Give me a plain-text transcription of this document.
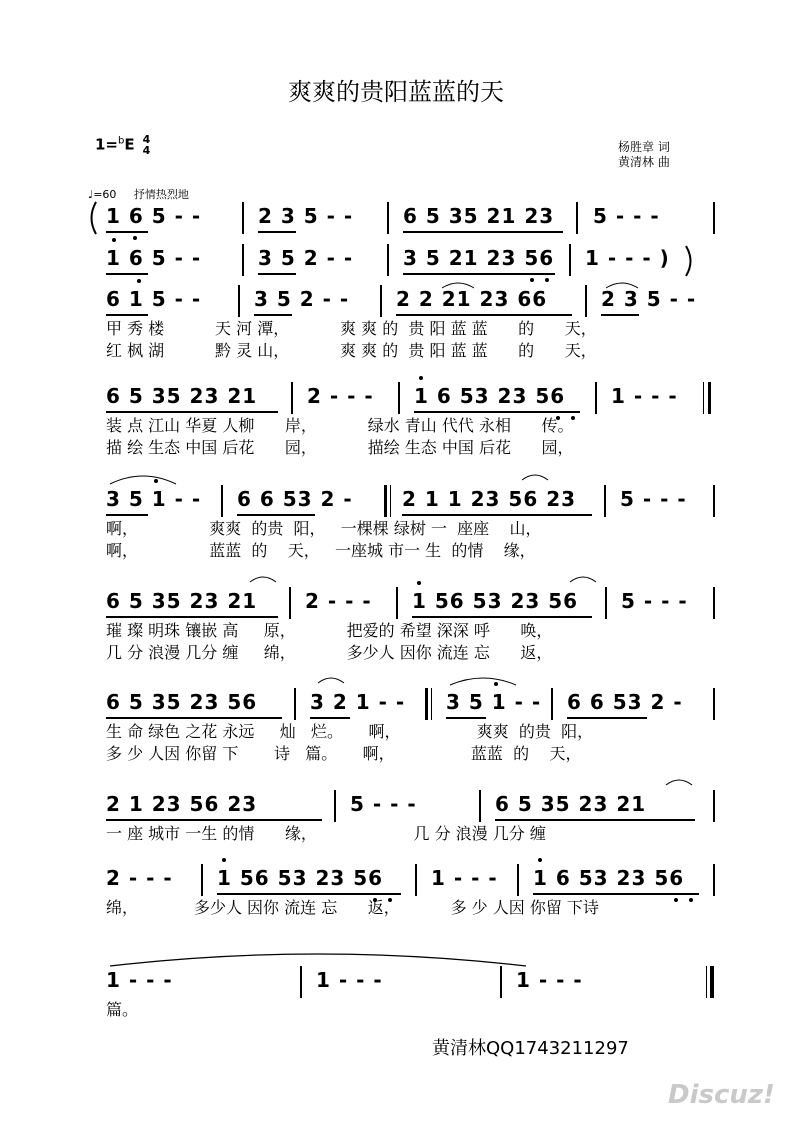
爽爽的贵阳蓝蓝的天
1=$^b$E 4
4	杨胜章 词
黄清林 曲
♩=60 抒情热烈地
1 6 5 - -	2 3 5 - - 6 5 35 21 23 5 - - -
1 6 5 - -	3 5 2 - - 3 5 21 23 56 1 - - - )
6 1 5 - -	3 5 2 - - 2 2 21 23 66	2 3 5 - -
甲 秀 楼          天 河 潭，          爽 爽 的  贵 阳 蓝 蓝      的      天，
红 枫 湖          黔 灵 山，          爽 爽 的  贵 阳 蓝 蓝      的      天，
6 5 35 23 21 2 - - - 1 6 53 23 56 1 - - -
装 点 江山 华夏 人柳      岸，          绿水 青山 代代 永相      传。
描 绘 生态 中国 后花      园，          描绘 生态 中国 后花      园，
3 5 1 - - 6 6 53 2 - 2 1 1 23 56 23 5 - - -
啊，              爽爽  的贵  阳，   一棵棵 绿树 一  座座    山，
啊，              蓝蓝  的    天，   一座城 市一 生  的情    缘，
6 5 35 23 21 2 - - - 1 56 53 23 56 5 - - -
璀 璨 明珠 镶嵌 高     原，          把爱的 希望 深深 呼      唤，
几 分 浪漫 几分 缠     绵，          多少人 因你 流连 忘      返，
6 5 35 23 56	3 2 1 - - 3 5 1 - - 6 6 53 2 -
生 命 绿色 之花 永远     灿   烂。     啊，               爽爽  的贵  阳，
多 少 人因 你留 下       诗   篇。     啊，               蓝蓝  的    天，
2 1 23 56 23	5 - - -	6 5 35 23 21
一 座 城市 一生 的情      缘，                   几 分 浪漫 几分 缠
2 - - - 1 56 53 23 56 1 - - - 1 6 53 23 56
绵，           多少人 因你 流连 忘      返，          多 少 人因 你留 下诗
1 - - -	1 - - -	1 - - -
篇。
黄清林QQ1743211297
Discuz!
